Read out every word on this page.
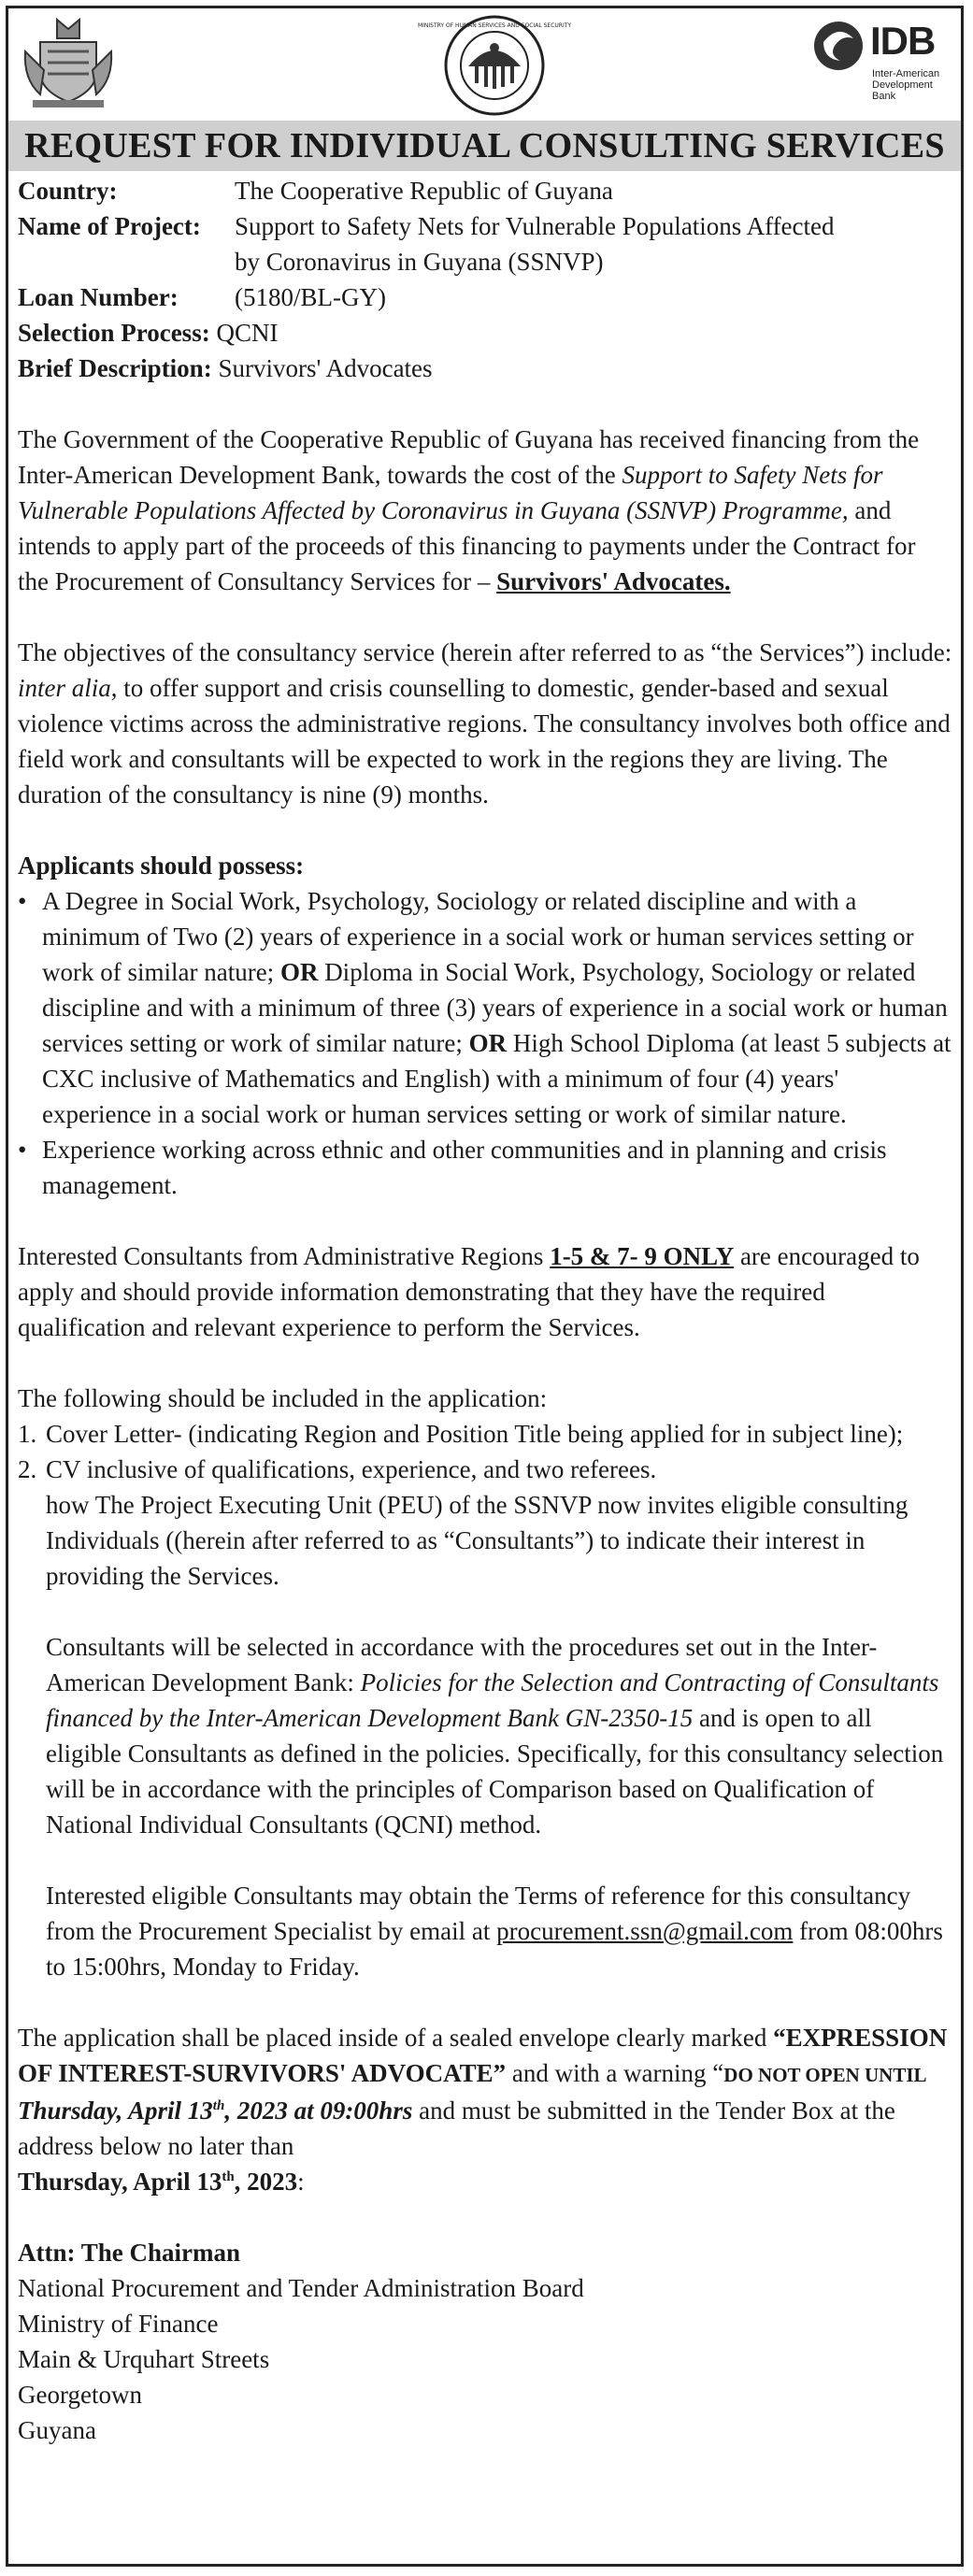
MINISTRY OF HUMAN SERVICES AND SOCIAL SECURITY	IDB
Inter-American Development Bank
REQUEST FOR INDIVIDUAL CONSULTING SERVICES
Country:	The Cooperative Republic of Guyana
Name of Project:	Support to Safety Nets for Vulnerable Populations Affected
by Coronavirus in Guyana (SSNVP)
Loan Number:	(5180/BL-GY)
Selection Process:
QCNI
Brief Description:
Survivors' Advocates

The Government of the Cooperative Republic of Guyana has received financing from the Inter-American Development Bank, towards the cost of the Support to Safety Nets for Vulnerable Populations Affected by Coronavirus in Guyana (SSNVP) Programme, and intends to apply part of the proceeds of this financing to payments under the Contract for the Procurement of Consultancy Services for – Survivors' Advocates.

The objectives of the consultancy service (herein after referred to as “the Services”) include: inter alia, to offer support and crisis counselling to domestic, gender-based and sexual violence victims across the administrative regions. The consultancy involves both office and field work and consultants will be expected to work in the regions they are living. The duration of the consultancy is nine (9) months.

Applicants should possess:
• A Degree in Social Work, Psychology, Sociology or related discipline and with a minimum of Two (2) years of experience in a social work or human services setting or work of similar nature; OR Diploma in Social Work, Psychology, Sociology or related discipline and with a minimum of three (3) years of experience in a social work or human services setting or work of similar nature; OR High School Diploma (at least 5 subjects at CXC inclusive of Mathematics and English) with a minimum of four (4) years' experience in a social work or human services setting or work of similar nature.
• Experience working across ethnic and other communities and in planning and crisis management.

Interested Consultants from Administrative Regions 1-5 & 7- 9 ONLY are encouraged to apply and should provide information demonstrating that they have the required qualification and relevant experience to perform the Services.

The following should be included in the application:
1. Cover Letter- (indicating Region and Position Title being applied for in subject line);
2. CV inclusive of qualifications, experience, and two referees.
how The Project Executing Unit (PEU) of the SSNVP now invites eligible consulting Individuals ((herein after referred to as “Consultants”) to indicate their interest in providing the Services.
Consultants will be selected in accordance with the procedures set out in the Inter-American Development Bank: Policies for the Selection and Contracting of Consultants financed by the Inter-American Development Bank GN-2350-15 and is open to all eligible Consultants as defined in the policies. Specifically, for this consultancy selection will be in accordance with the principles of Comparison based on Qualification of National Individual Consultants (QCNI) method.
Interested eligible Consultants may obtain the Terms of reference for this consultancy from the Procurement Specialist by email at procurement.ssn@gmail.com from 08:00hrs to 15:00hrs, Monday to Friday.

The application shall be placed inside of a sealed envelope clearly marked “EXPRESSION OF INTEREST-SURVIVORS' ADVOCATE” and with a warning “DO NOT OPEN UNTIL Thursday, April 13th, 2023 at 09:00hrs and must be submitted in the Tender Box at the address below no later than
Thursday, April 13th, 2023:

Attn: The Chairman
National Procurement and Tender Administration Board
Ministry of Finance
Main & Urquhart Streets
Georgetown
Guyana
